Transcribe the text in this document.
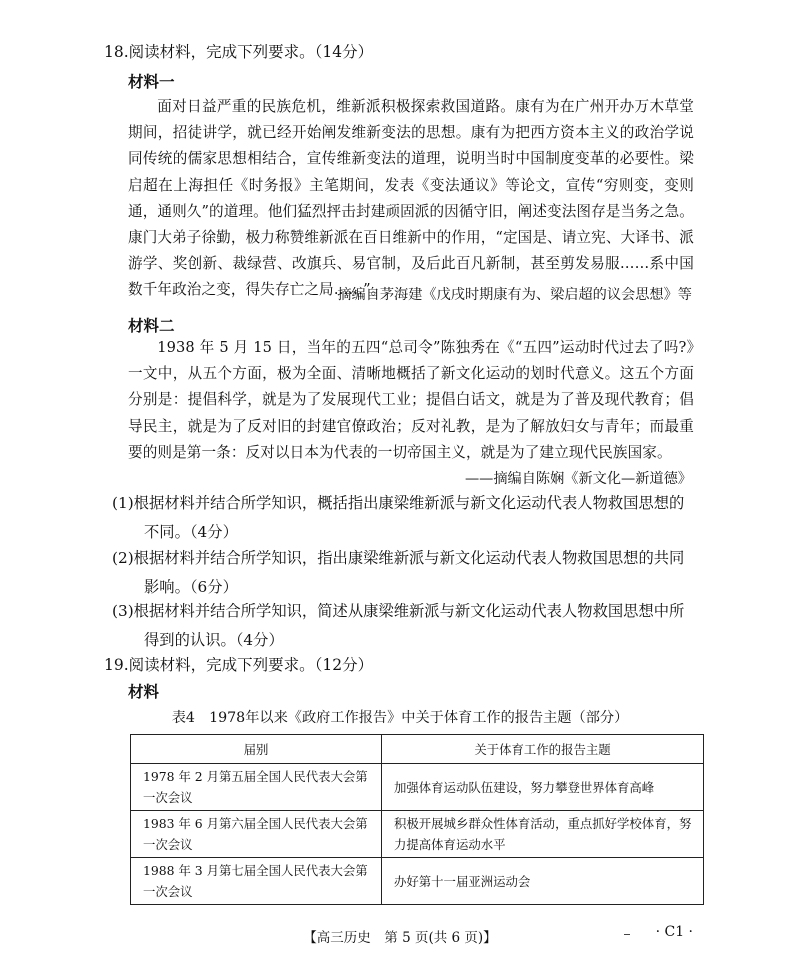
18.阅读材料，完成下列要求。（14分）
材料一
面对日益严重的民族危机，维新派积极探索救国道路。康有为在广州开办万木草堂期间，招徒讲学，就已经开始阐发维新变法的思想。康有为把西方资本主义的政治学说同传统的儒家思想相结合，宣传维新变法的道理，说明当时中国制度变革的必要性。梁启超在上海担任《时务报》主笔期间，发表《变法通议》等论文，宣传“穷则变，变则通，通则久”的道理。他们猛烈抨击封建顽固派的因循守旧，阐述变法图存是当务之急。康门大弟子徐勤，极力称赞维新派在百日维新中的作用，“定国是、请立宪、大译书、派游学、奖创新、裁绿营、改旗兵、易官制，及后此百凡新制，甚至剪发易服……系中国数千年政治之变，得失存亡之局……”。
摘编自茅海建《戊戌时期康有为、梁启超的议会思想》等
材料二
1938 年 5 月 15 日，当年的五四“总司令”陈独秀在《“五四”运动时代过去了吗?》一文中，从五个方面，极为全面、清晰地概括了新文化运动的划时代意义。这五个方面分别是：提倡科学，就是为了发展现代工业；提倡白话文，就是为了普及现代教育；倡导民主，就是为了反对旧的封建官僚政治；反对礼教，是为了解放妇女与青年；而最重要的则是第一条：反对以日本为代表的一切帝国主义，就是为了建立现代民族国家。
——摘编自陈娴《新文化—新道德》
(1)根据材料并结合所学知识，概括指出康梁维新派与新文化运动代表人物救国思想的不同。（4分）
(2)根据材料并结合所学知识，指出康梁维新派与新文化运动代表人物救国思想的共同影响。（6分）
(3)根据材料并结合所学知识，简述从康梁维新派与新文化运动代表人物救国思想中所得到的认识。（4分）
19.阅读材料，完成下列要求。（12分）
材料
表4　1978年以来《政府工作报告》中关于体育工作的报告主题（部分）
届别	关于体育工作的报告主题
1978 年 2 月第五届全国人民代表大会第一次会议	加强体育运动队伍建设，努力攀登世界体育高峰
1983 年 6 月第六届全国人民代表大会第一次会议	积极开展城乡群众性体育活动，重点抓好学校体育，努力提高体育运动水平
1988 年 3 月第七届全国人民代表大会第一次会议	办好第十一届亚洲运动会
【高三历史　第 5 页(共 6 页)】	· C1 ·
